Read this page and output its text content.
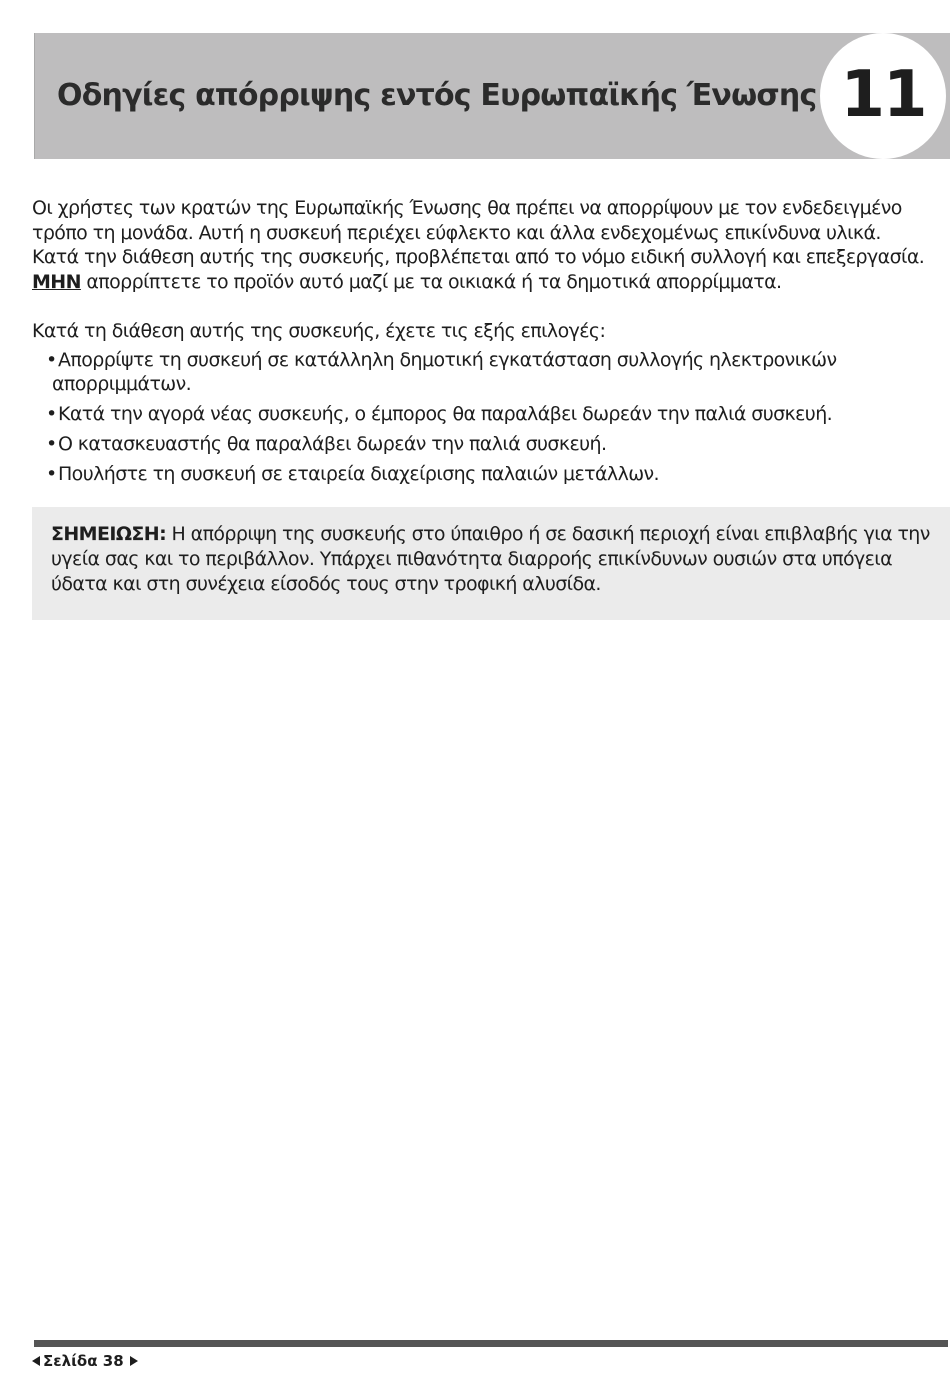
Οδηγίες απόρριψης εντός Ευρωπαϊκής Ένωσης 11

Οι χρήστες των κρατών της Ευρωπαϊκής Ένωσης θα πρέπει να απορρίψουν με τον ενδεδειγμένο
τρόπο τη μονάδα. Αυτή η συσκευή περιέχει εύφλεκτο και άλλα ενδεχομένως επικίνδυνα υλικά.
Κατά την διάθεση αυτής της συσκευής, προβλέπεται από το νόμο ειδική συλλογή και επεξεργασία.
ΜΗΝ απορρίπτετε το προϊόν αυτό μαζί με τα οικιακά ή τα δημοτικά απορρίμματα.

Κατά τη διάθεση αυτής της συσκευής, έχετε τις εξής επιλογές:

•Απορρίψτε τη συσκευή σε κατάλληλη δημοτική εγκατάσταση συλλογής ηλεκτρονικών απορριμμάτων.
•Κατά την αγορά νέας συσκευής, ο έμπορος θα παραλάβει δωρεάν την παλιά συσκευή.
•Ο κατασκευαστής θα παραλάβει δωρεάν την παλιά συσκευή.
•Πουλήστε τη συσκευή σε εταιρεία διαχείρισης παλαιών μετάλλων.
ΣΗΜΕΙΩΣΗ: Η απόρριψη της συσκευής στο ύπαιθρο ή σε δασική περιοχή είναι επιβλαβής για την υγεία σας και το περιβάλλον. Υπάρχει πιθανότητα διαρροής επικίνδυνων ουσιών στα υπόγεια ύδατα και στη συνέχεια είσοδός τους στην τροφική αλυσίδα.
Σελίδα 38
